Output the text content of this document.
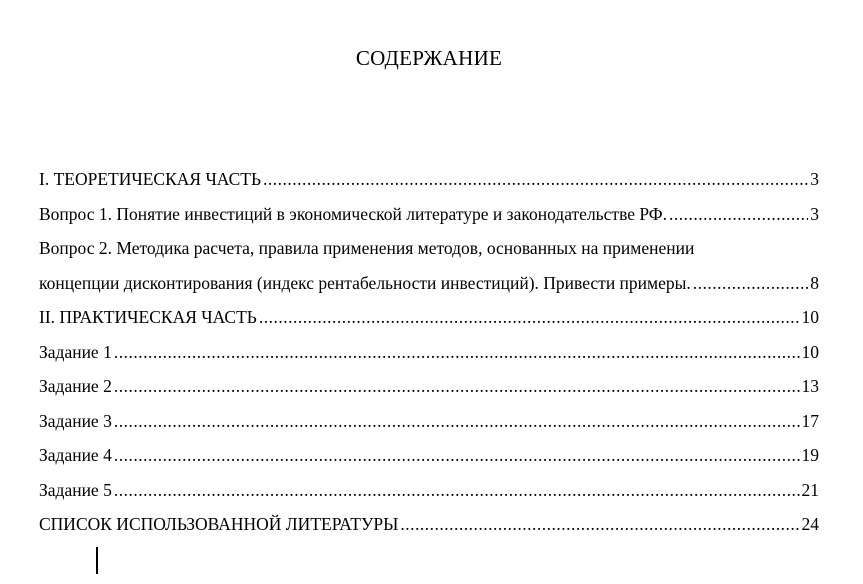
СОДЕРЖАНИЕ
I. ТЕОРЕТИЧЕСКАЯ ЧАСТЬ .....	3
Вопрос 1. Понятие инвестиций в экономической литературе и законодательстве РФ. .....	3
Вопрос 2. Методика расчета, правила применения методов, основанных на применении
концепции дисконтирования (индекс рентабельности инвестиций). Привести примеры. .....	8
II. ПРАКТИЧЕСКАЯ ЧАСТЬ .....	10
Задание 1 .....	10
Задание 2 .....	13
Задание 3 .....	17
Задание 4 .....	19
Задание 5 .....	21
СПИСОК ИСПОЛЬЗОВАННОЙ ЛИТЕРАТУРЫ .....	24
